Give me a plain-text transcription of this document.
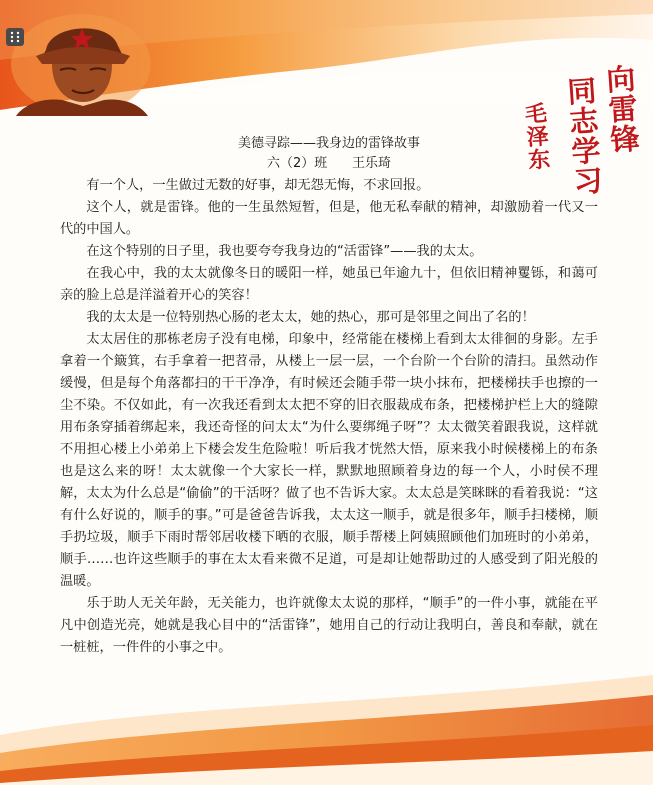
向雷锋
同志学习
毛泽东

美德寻踪——我身边的雷锋故事

六（2）班 王乐琦

有一个人，一生做过无数的好事，却无怨无悔，不求回报。

这个人，就是雷锋。他的一生虽然短暂，但是，他无私奉献的精神，却激励着一代又一代的中国人。

在这个特别的日子里，我也要夸夸我身边的“活雷锋”——我的太太。

在我心中，我的太太就像冬日的暖阳一样，她虽已年逾九十，但依旧精神矍铄，和蔼可亲的脸上总是洋溢着开心的笑容！

我的太太是一位特别热心肠的老太太，她的热心，那可是邻里之间出了名的！

太太居住的那栋老房子没有电梯，印象中，经常能在楼梯上看到太太徘徊的身影。左手拿着一个簸箕，右手拿着一把苕帚，从楼上一层一层，一个台阶一个台阶的清扫。虽然动作缓慢，但是每个角落都扫的干干净净，有时候还会随手带一块小抹布，把楼梯扶手也擦的一尘不染。不仅如此，有一次我还看到太太把不穿的旧衣服裁成布条，把楼梯护栏上大的缝隙用布条穿插着绑起来，我还奇怪的问太太“为什么要绑绳子呀”？太太微笑着跟我说，这样就不用担心楼上小弟弟上下楼会发生危险啦！听后我才恍然大悟，原来我小时候楼梯上的布条也是这么来的呀！太太就像一个大家长一样，默默地照顾着身边的每一个人，小时侯不理解，太太为什么总是“偷偷”的干活呀？做了也不告诉大家。太太总是笑眯眯的看着我说：“这有什么好说的，顺手的事。”可是爸爸告诉我，太太这一顺手，就是很多年，顺手扫楼梯，顺手扔垃圾，顺手下雨时帮邻居收楼下晒的衣服，顺手帮楼上阿姨照顾他们加班时的小弟弟，顺手……也许这些顺手的事在太太看来微不足道，可是却让她帮助过的人感受到了阳光般的温暖。

乐于助人无关年龄，无关能力，也许就像太太说的那样，“顺手”的一件小事，就能在平凡中创造光亮，她就是我心目中的“活雷锋”，她用自己的行动让我明白，善良和奉献，就在一桩桩，一件件的小事之中。
